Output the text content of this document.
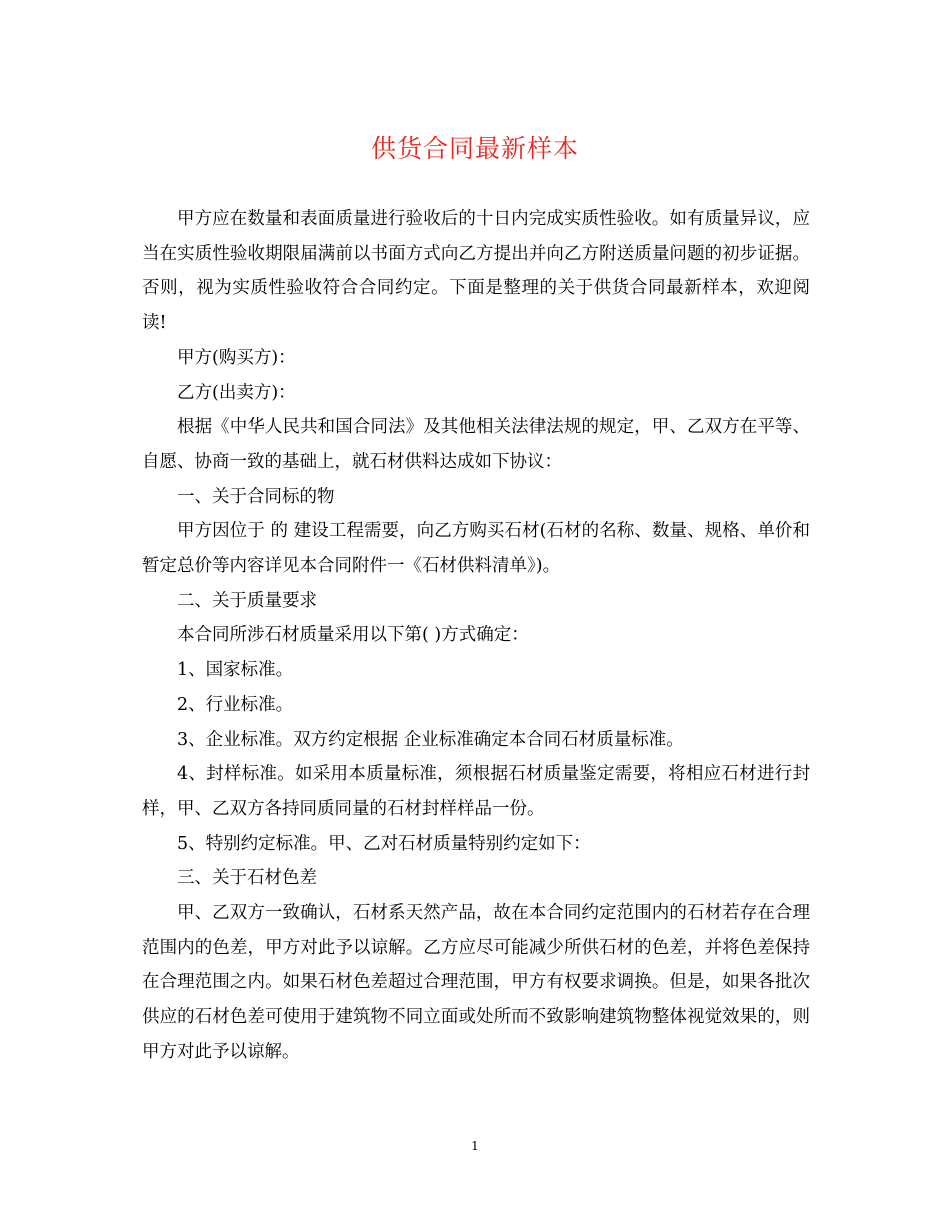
供货合同最新样本

甲方应在数量和表面质量进行验收后的十日内完成实质性验收。如有质量异议，应当在实质性验收期限届满前以书面方式向乙方提出并向乙方附送质量问题的初步证据。否则，视为实质性验收符合合同约定。下面是整理的关于供货合同最新样本，欢迎阅读!

甲方(购买方)：

乙方(出卖方)：

根据《中华人民共和国合同法》及其他相关法律法规的规定，甲、乙双方在平等、自愿、协商一致的基础上，就石材供料达成如下协议：

一、关于合同标的物

甲方因位于 的 建设工程需要，向乙方购买石材(石材的名称、数量、规格、单价和暂定总价等内容详见本合同附件一《石材供料清单》)。

二、关于质量要求

本合同所涉石材质量采用以下第( )方式确定：

1、国家标准。

2、行业标准。

3、企业标准。双方约定根据 企业标准确定本合同石材质量标准。

4、封样标准。如采用本质量标准，须根据石材质量鉴定需要，将相应石材进行封样，甲、乙双方各持同质同量的石材封样样品一份。

5、特别约定标准。甲、乙对石材质量特别约定如下：

三、关于石材色差

甲、乙双方一致确认，石材系天然产品，故在本合同约定范围内的石材若存在合理范围内的色差，甲方对此予以谅解。乙方应尽可能减少所供石材的色差，并将色差保持在合理范围之内。如果石材色差超过合理范围，甲方有权要求调换。但是，如果各批次供应的石材色差可使用于建筑物不同立面或处所而不致影响建筑物整体视觉效果的，则甲方对此予以谅解。

1
